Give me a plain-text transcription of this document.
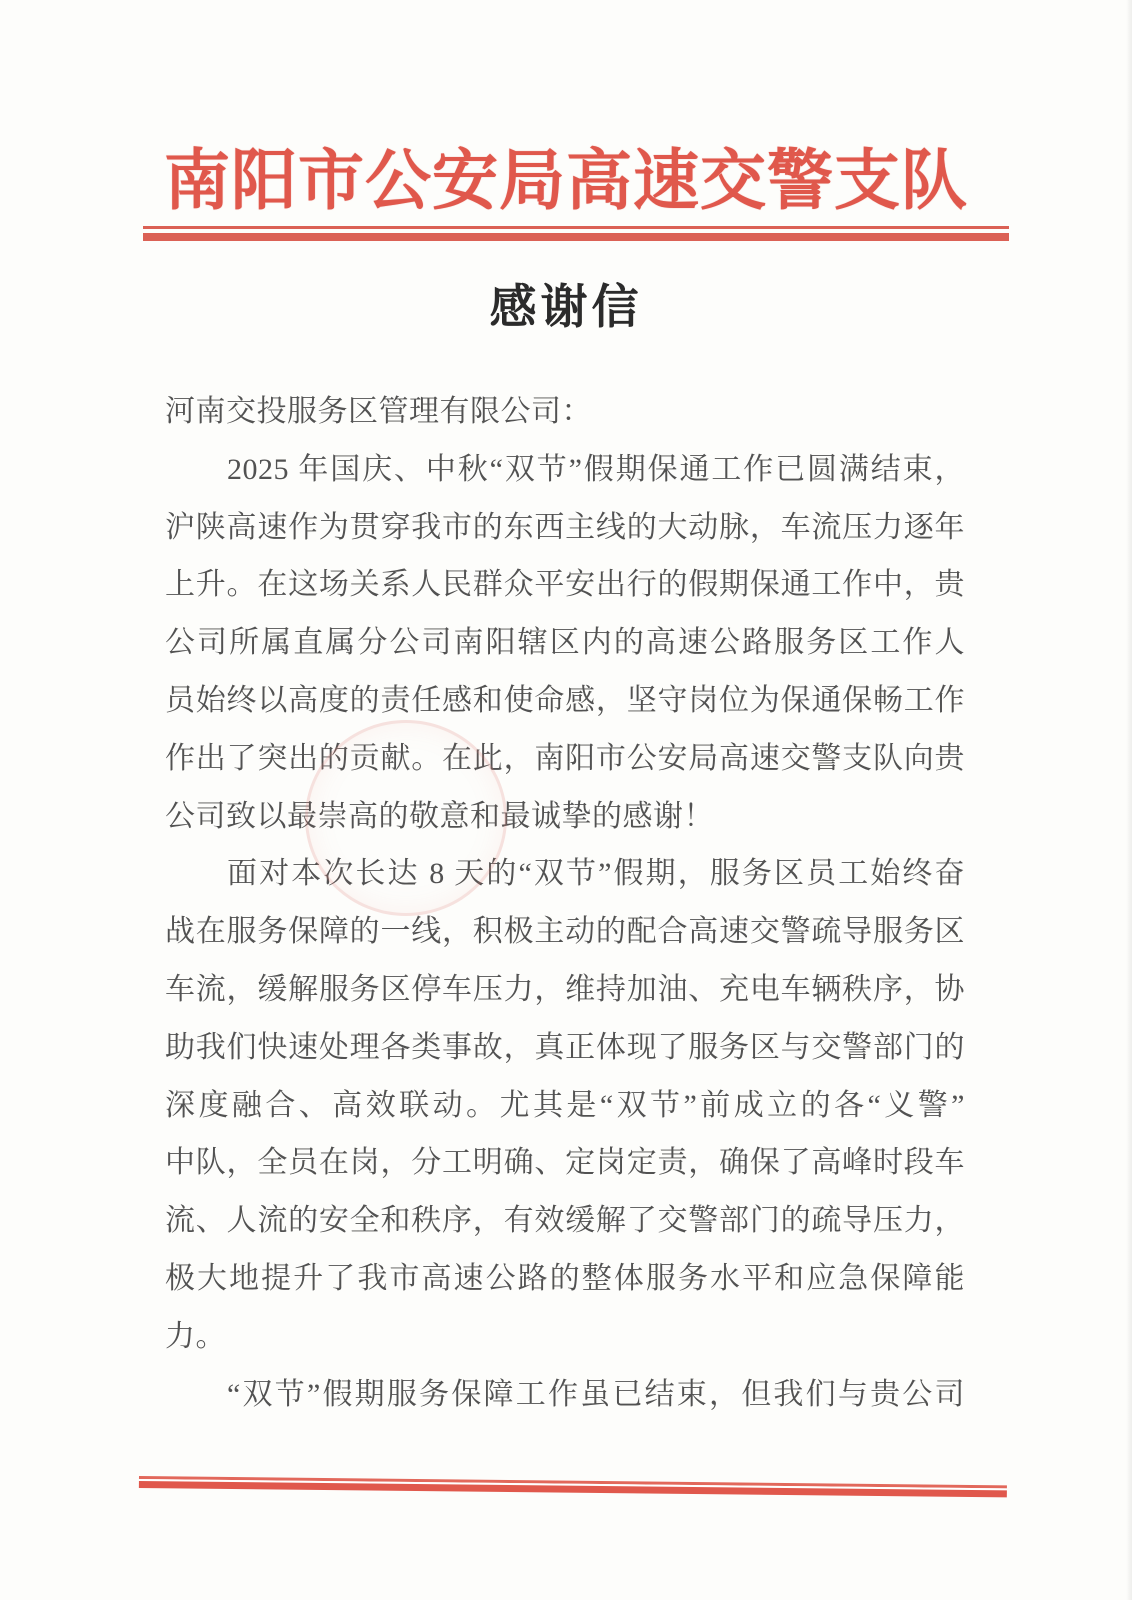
南阳市公安局高速交警支队
感谢信
河南交投服务区管理有限公司：
2025 年国庆、中秋“双节”假期保通工作已圆满结束，
沪陕高速作为贯穿我市的东西主线的大动脉，车流压力逐年
上升。在这场关系人民群众平安出行的假期保通工作中，贵
公司所属直属分公司南阳辖区内的高速公路服务区工作人
员始终以高度的责任感和使命感，坚守岗位为保通保畅工作
作出了突出的贡献。在此，南阳市公安局高速交警支队向贵
公司致以最崇高的敬意和最诚挚的感谢！
面对本次长达 8 天的“双节”假期，服务区员工始终奋
战在服务保障的一线，积极主动的配合高速交警疏导服务区
车流，缓解服务区停车压力，维持加油、充电车辆秩序，协
助我们快速处理各类事故，真正体现了服务区与交警部门的
深度融合、高效联动。尤其是“双节”前成立的各“义警”
中队，全员在岗，分工明确、定岗定责，确保了高峰时段车
流、人流的安全和秩序，有效缓解了交警部门的疏导压力，
极大地提升了我市高速公路的整体服务水平和应急保障能
力。
“双节”假期服务保障工作虽已结束，但我们与贵公司
